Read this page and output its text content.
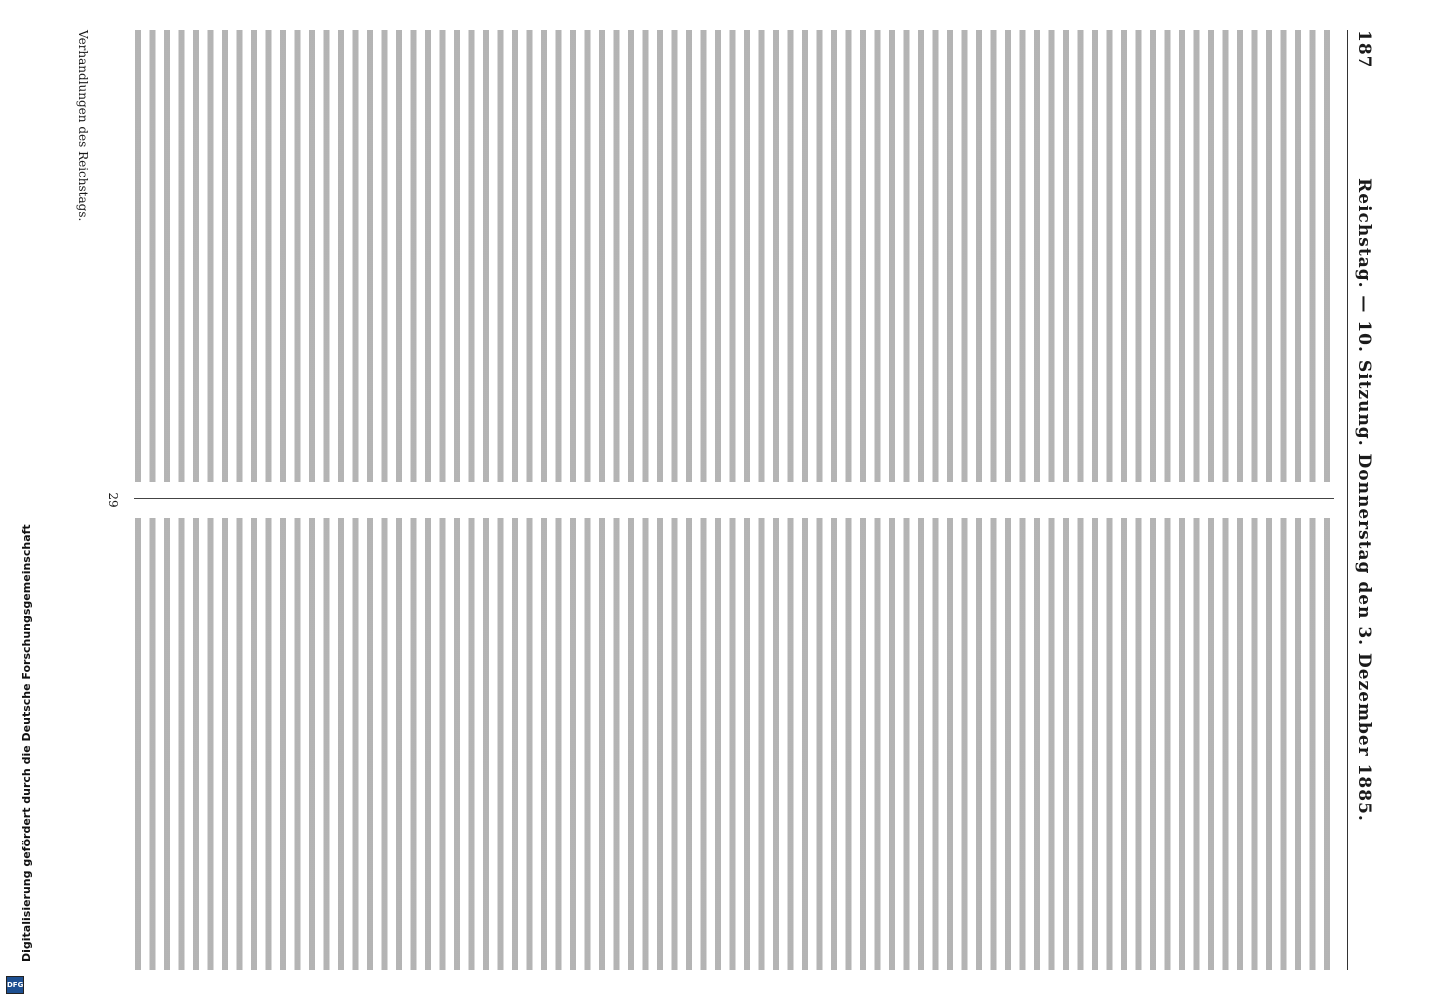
187
Reichstag. — 10. Sitzung. Donnerstag den 3. Dezember 1885.
29
Verhandlungen des Reichstags.
Digitalisierung gefördert durch die Deutsche Forschungsgemeinschaft
DFG
